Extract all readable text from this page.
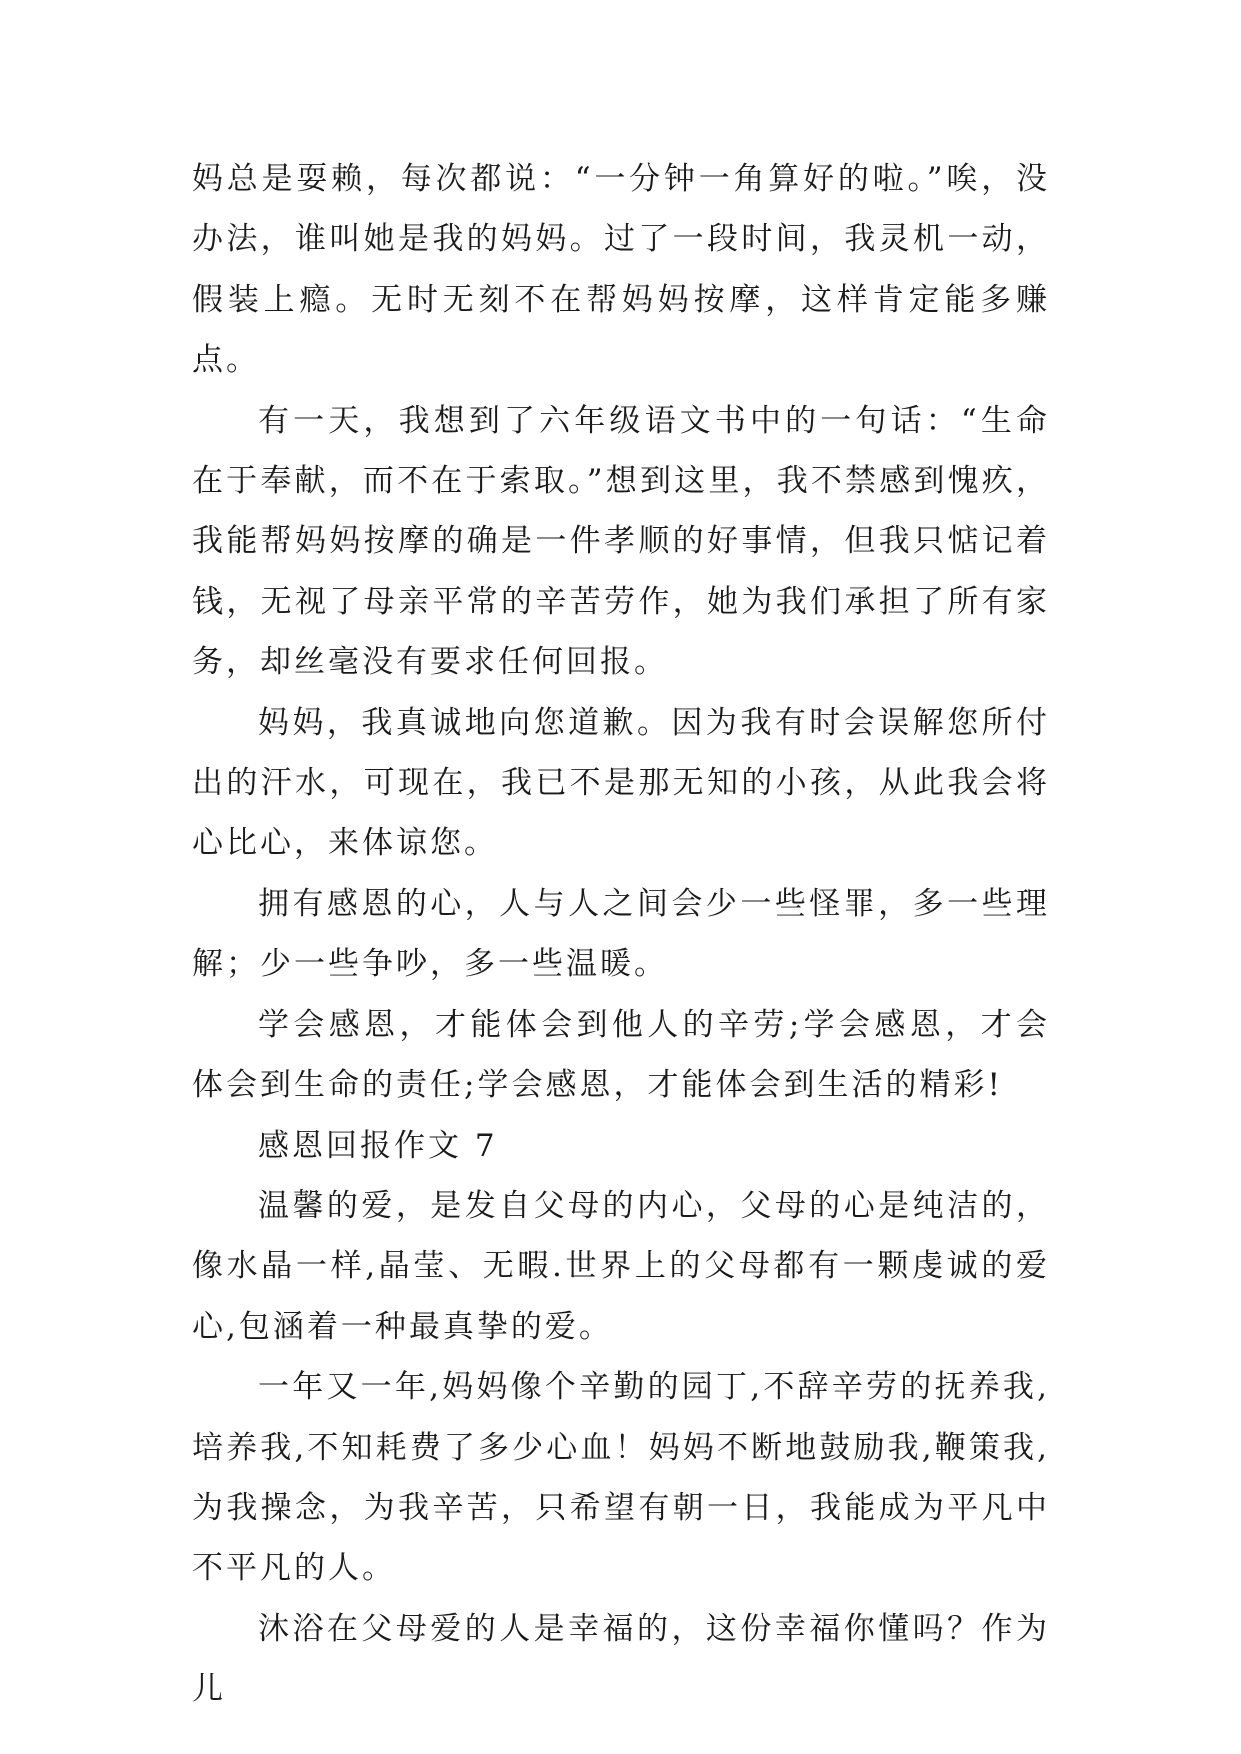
妈总是耍赖，每次都说：“一分钟一角算好的啦。”唉，没办法，谁叫她是我的妈妈。过了一段时间，我灵机一动，假装上瘾。无时无刻不在帮妈妈按摩，这样肯定能多赚点。

有一天，我想到了六年级语文书中的一句话：“生命在于奉献，而不在于索取。”想到这里，我不禁感到愧疚，我能帮妈妈按摩的确是一件孝顺的好事情，但我只惦记着钱，无视了母亲平常的辛苦劳作，她为我们承担了所有家务，却丝毫没有要求任何回报。

妈妈，我真诚地向您道歉。因为我有时会误解您所付出的汗水，可现在，我已不是那无知的小孩，从此我会将心比心，来体谅您。

拥有感恩的心，人与人之间会少一些怪罪，多一些理解；少一些争吵，多一些温暖。

学会感恩，才能体会到他人的辛劳;学会感恩，才会体会到生命的责任;学会感恩，才能体会到生活的精彩!

感恩回报作文 7

温馨的爱，是发自父母的内心，父母的心是纯洁的，像水晶一样,晶莹、无暇.世界上的父母都有一颗虔诚的爱心,包涵着一种最真挚的爱。

一年又一年,妈妈像个辛勤的园丁,不辞辛劳的抚养我,培养我,不知耗费了多少心血！妈妈不断地鼓励我,鞭策我,为我操念，为我辛苦，只希望有朝一日，我能成为平凡中不平凡的人。

沐浴在父母爱的人是幸福的，这份幸福你懂吗？作为儿
